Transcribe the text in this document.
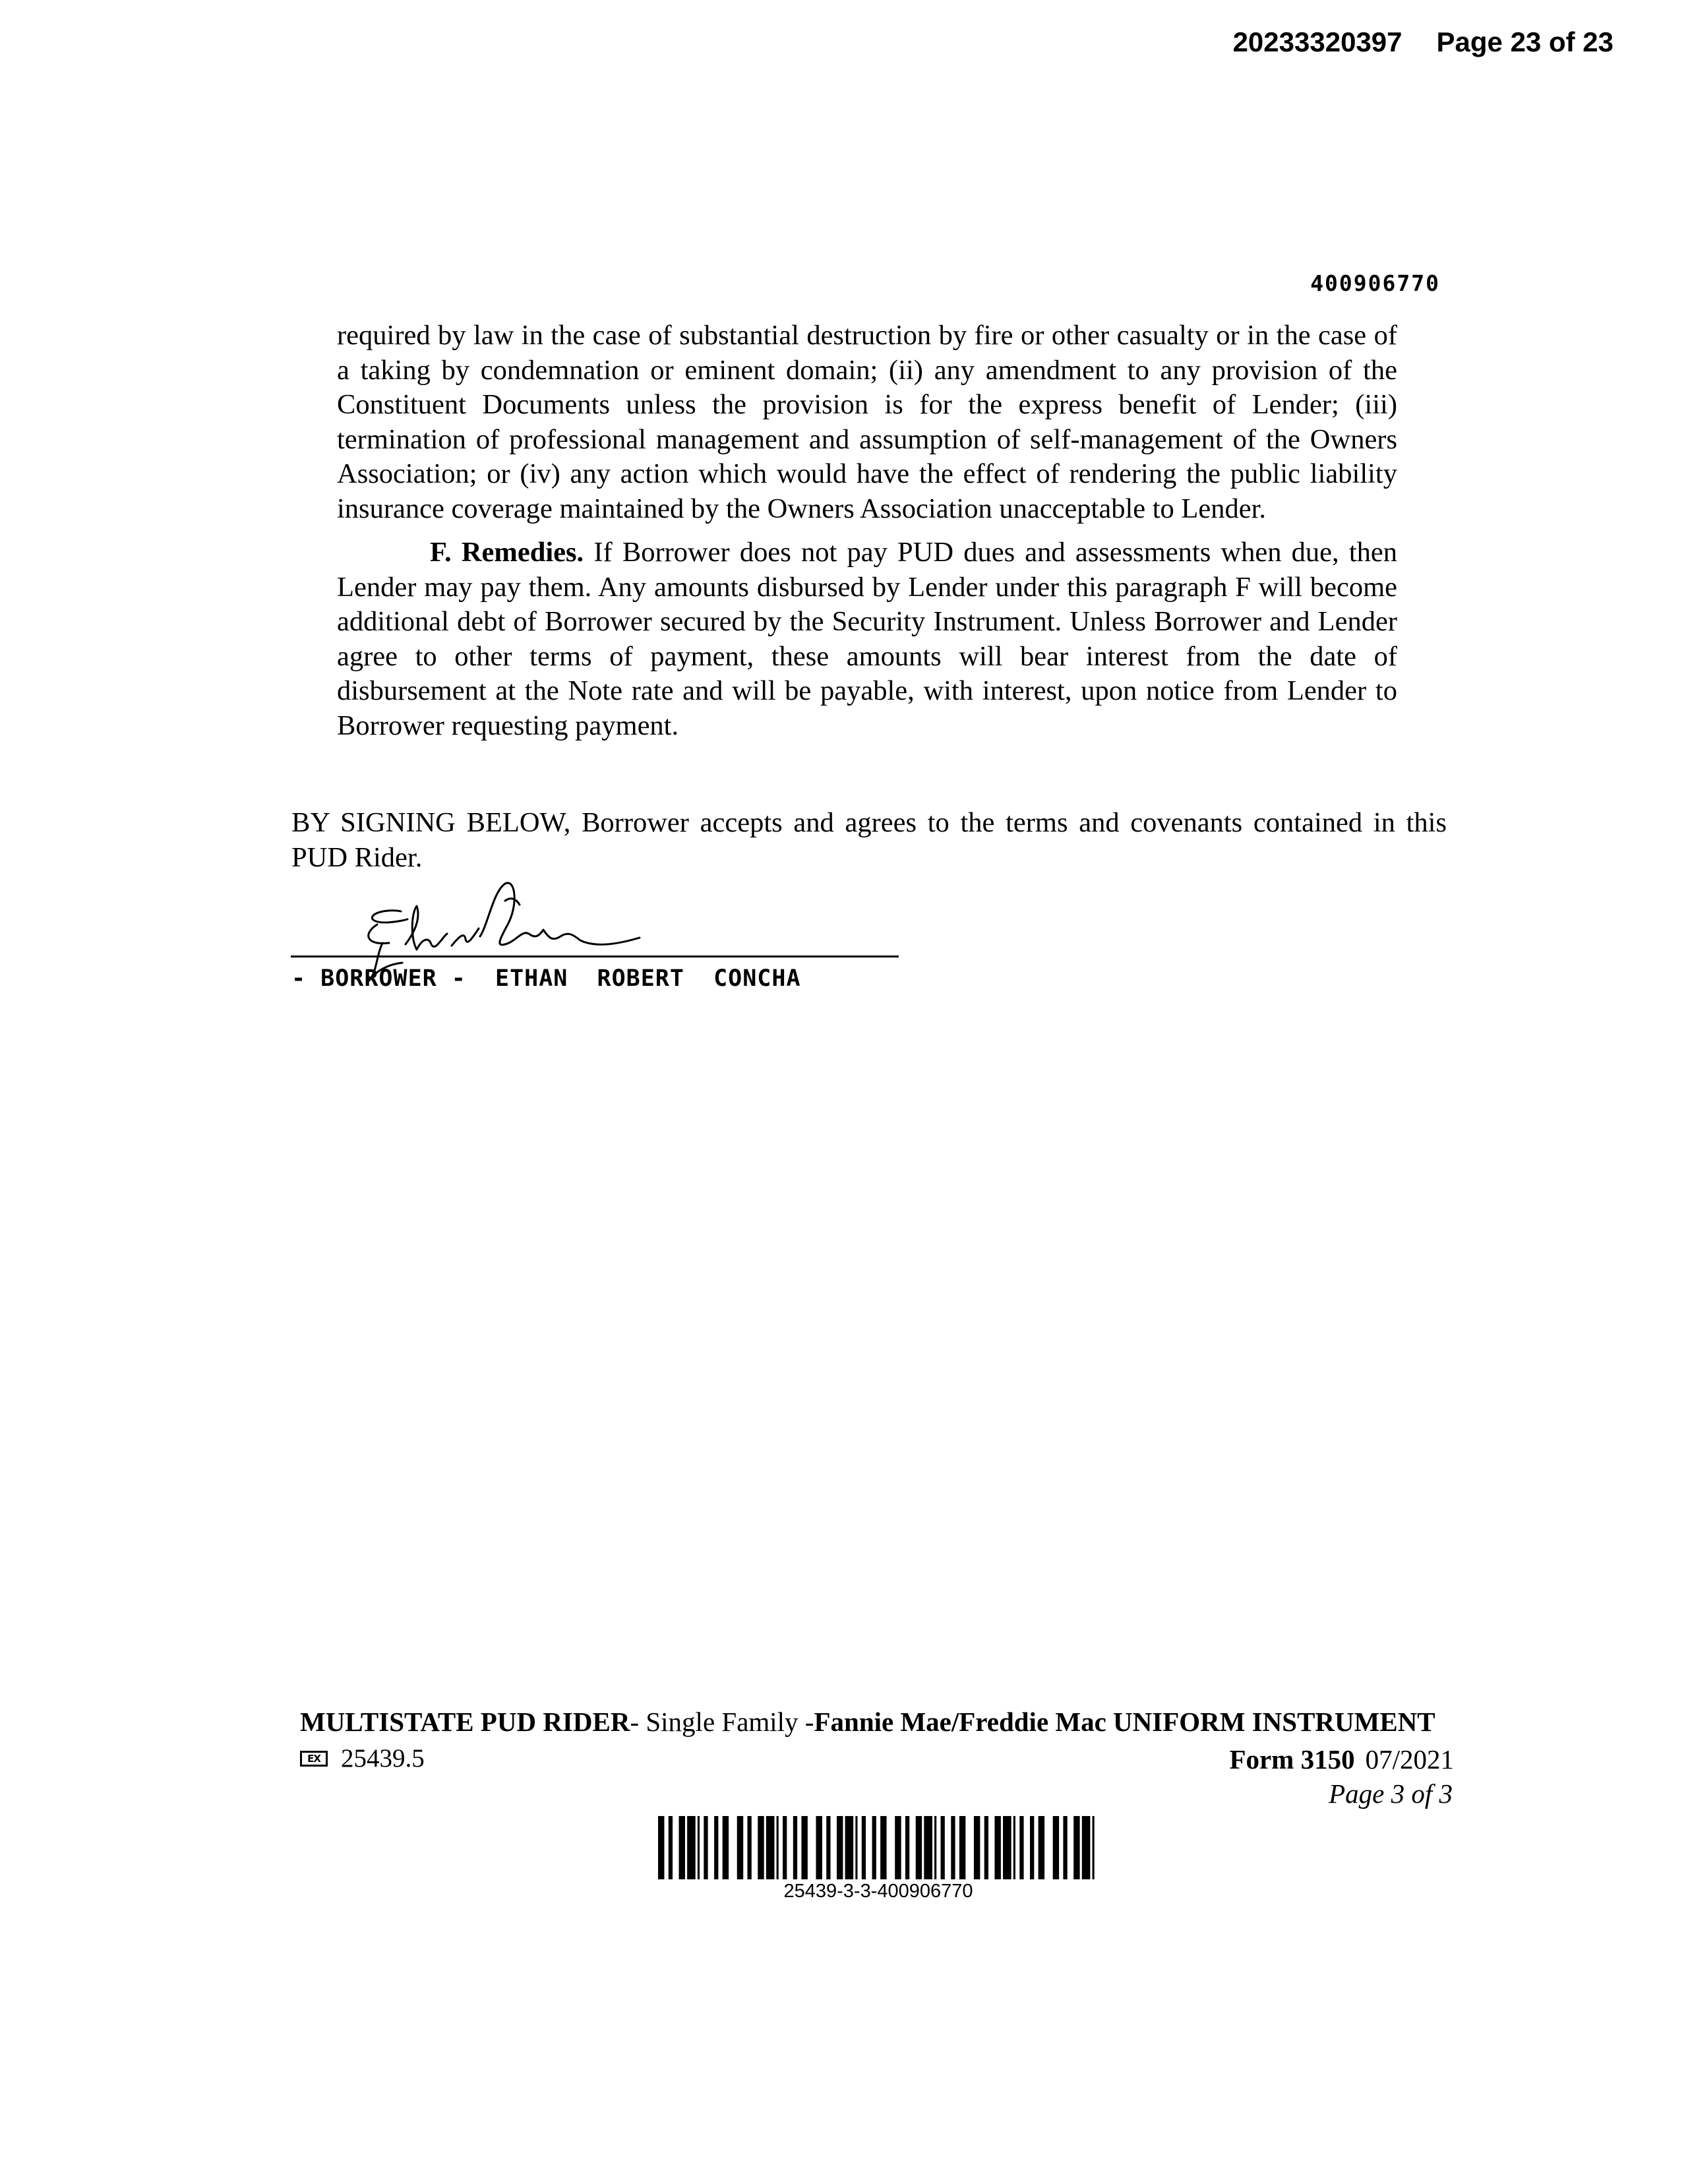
20233320397 Page 23 of 23
400906770

required by law in the case of substantial destruction by fire or other casualty or in the case of a taking by condemnation or eminent domain; (ii) any amendment to any provision of the Constituent Documents unless the provision is for the express benefit of Lender; (iii) termination of professional management and assumption of self-management of the Owners Association; or (iv) any action which would have the effect of rendering the public liability insurance coverage maintained by the Owners Association unacceptable to Lender.

F. Remedies. If Borrower does not pay PUD dues and assessments when due, then Lender may pay them. Any amounts disbursed by Lender under this paragraph F will become additional debt of Borrower secured by the Security Instrument. Unless Borrower and Lender agree to other terms of payment, these amounts will bear interest from the date of disbursement at the Note rate and will be payable, with interest, upon notice from Lender to Borrower requesting payment.

BY SIGNING BELOW, Borrower accepts and agrees to the terms and covenants contained in this PUD Rider.

- BORROWER -  ETHAN  ROBERT  CONCHA
MULTISTATE PUD RIDER- Single Family -Fannie Mae/Freddie Mac UNIFORM INSTRUMENT
EX 25439.5	Form 3150 07/2021
Page 3 of 3
25439-3-3-400906770
